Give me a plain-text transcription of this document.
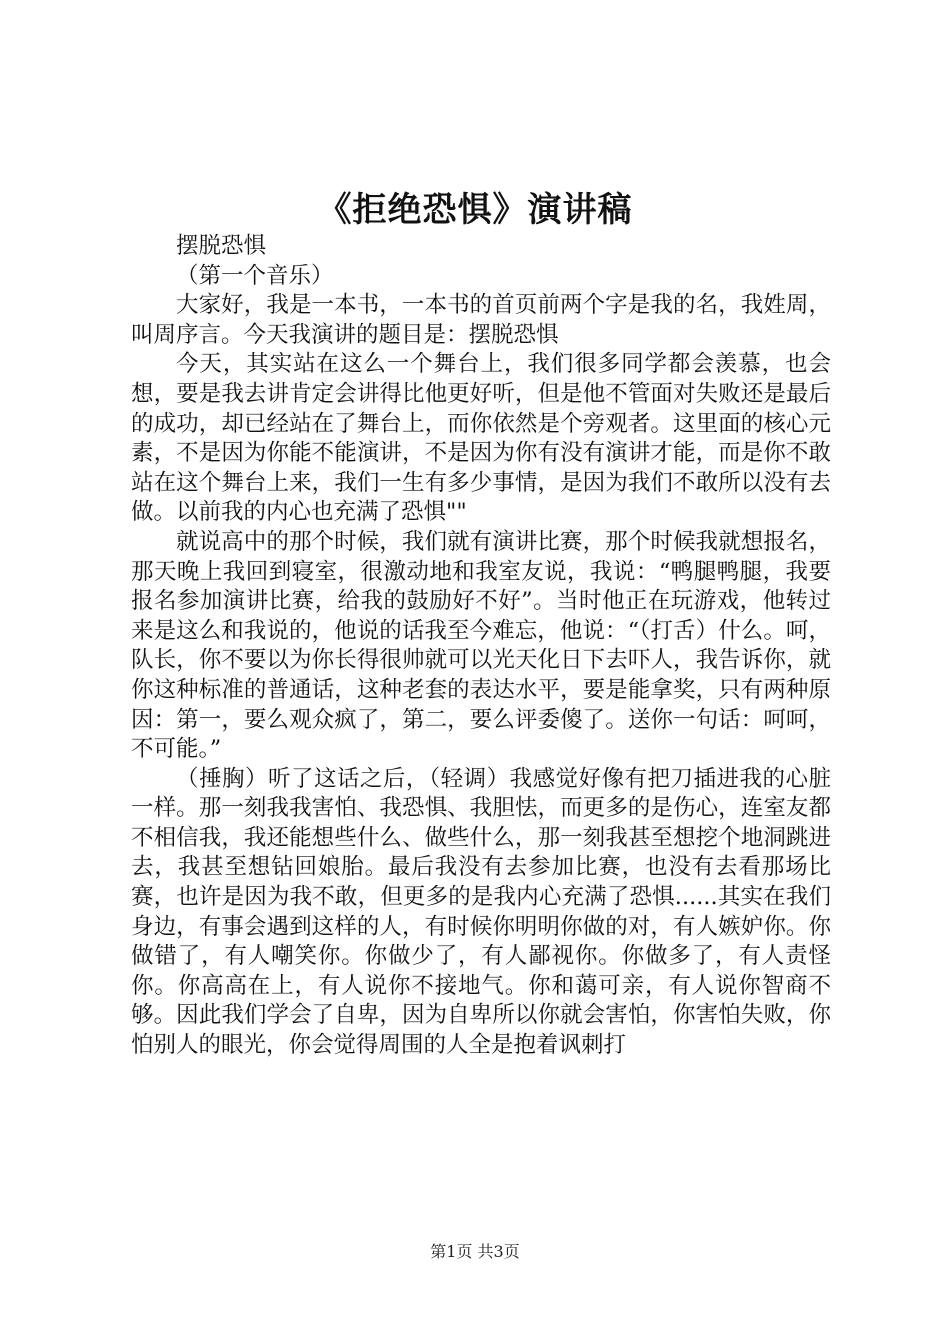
《拒绝恐惧》演讲稿

摆脱恐惧

（第一个音乐）

大家好，我是一本书，一本书的首页前两个字是我的名，我姓周，叫周序言。今天我演讲的题目是：摆脱恐惧

今天，其实站在这么一个舞台上，我们很多同学都会羡慕，也会想，要是我去讲肯定会讲得比他更好听，但是他不管面对失败还是最后的成功，却已经站在了舞台上，而你依然是个旁观者。这里面的核心元素，不是因为你能不能演讲，不是因为你有没有演讲才能，而是你不敢站在这个舞台上来，我们一生有多少事情，是因为我们不敢所以没有去做。以前我的内心也充满了恐惧""

就说高中的那个时候，我们就有演讲比赛，那个时候我就想报名，那天晚上我回到寝室，很激动地和我室友说，我说：“鸭腿鸭腿，我要报名参加演讲比赛，给我的鼓励好不好”。当时他正在玩游戏，他转过来是这么和我说的，他说的话我至今难忘，他说：“（打舌）什么。呵，队长，你不要以为你长得很帅就可以光天化日下去吓人，我告诉你，就你这种标准的普通话，这种老套的表达水平，要是能拿奖，只有两种原因：第一，要么观众疯了，第二，要么评委傻了。送你一句话：呵呵，不可能。”

（捶胸）听了这话之后，（轻调）我感觉好像有把刀插进我的心脏一样。那一刻我我害怕、我恐惧、我胆怯，而更多的是伤心，连室友都不相信我，我还能想些什么、做些什么，那一刻我甚至想挖个地洞跳进去，我甚至想钻回娘胎。最后我没有去参加比赛，也没有去看那场比赛，也许是因为我不敢，但更多的是我内心充满了恐惧......其实在我们身边，有事会遇到这样的人，有时候你明明你做的对，有人嫉妒你。你做错了，有人嘲笑你。你做少了，有人鄙视你。你做多了，有人责怪你。你高高在上，有人说你不接地气。你和蔼可亲，有人说你智商不够。因此我们学会了自卑，因为自卑所以你就会害怕，你害怕失败，你怕别人的眼光，你会觉得周围的人全是抱着讽刺打

第1页 共3页
